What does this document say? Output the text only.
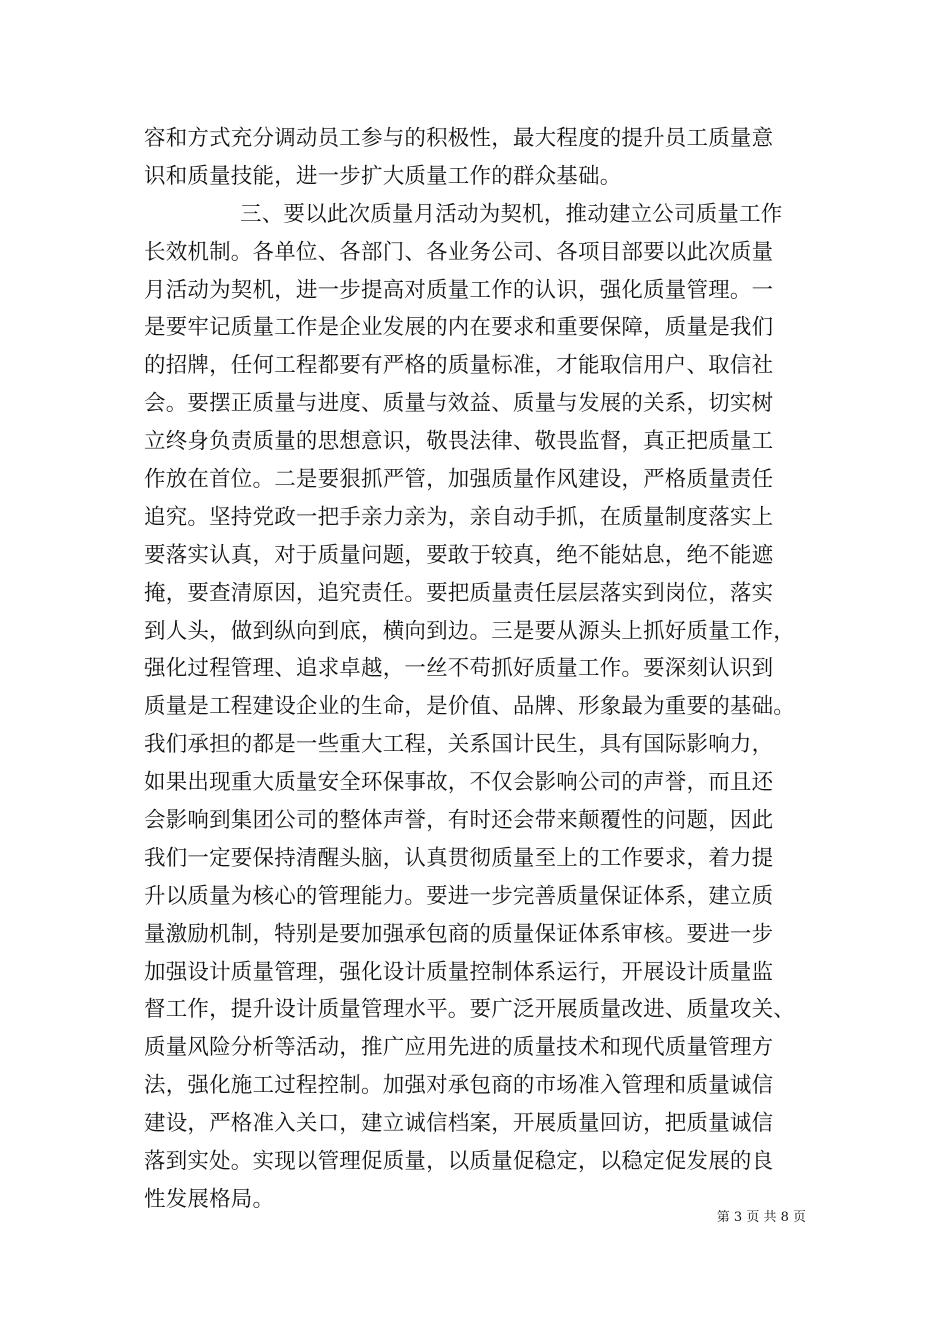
容和方式充分调动员工参与的积极性，最大程度的提升员工质量意
识和质量技能，进一步扩大质量工作的群众基础。
三、要以此次质量月活动为契机，推动建立公司质量工作
长效机制。各单位、各部门、各业务公司、各项目部要以此次质量
月活动为契机，进一步提高对质量工作的认识，强化质量管理。一
是要牢记质量工作是企业发展的内在要求和重要保障，质量是我们
的招牌，任何工程都要有严格的质量标准，才能取信用户、取信社
会。要摆正质量与进度、质量与效益、质量与发展的关系，切实树
立终身负责质量的思想意识，敬畏法律、敬畏监督，真正把质量工
作放在首位。二是要狠抓严管，加强质量作风建设，严格质量责任
追究。坚持党政一把手亲力亲为，亲自动手抓，在质量制度落实上
要落实认真，对于质量问题，要敢于较真，绝不能姑息，绝不能遮
掩，要查清原因，追究责任。要把质量责任层层落实到岗位，落实
到人头，做到纵向到底，横向到边。三是要从源头上抓好质量工作，
强化过程管理、追求卓越，一丝不苟抓好质量工作。要深刻认识到
质量是工程建设企业的生命，是价值、品牌、形象最为重要的基础。
我们承担的都是一些重大工程，关系国计民生，具有国际影响力，
如果出现重大质量安全环保事故，不仅会影响公司的声誉，而且还
会影响到集团公司的整体声誉，有时还会带来颠覆性的问题，因此
我们一定要保持清醒头脑，认真贯彻质量至上的工作要求，着力提
升以质量为核心的管理能力。要进一步完善质量保证体系，建立质
量激励机制，特别是要加强承包商的质量保证体系审核。要进一步
加强设计质量管理，强化设计质量控制体系运行，开展设计质量监
督工作，提升设计质量管理水平。要广泛开展质量改进、质量攻关、
质量风险分析等活动，推广应用先进的质量技术和现代质量管理方
法，强化施工过程控制。加强对承包商的市场准入管理和质量诚信
建设，严格准入关口，建立诚信档案，开展质量回访，把质量诚信
落到实处。实现以管理促质量，以质量促稳定，以稳定促发展的良
性发展格局。
第 3 页 共 8 页
